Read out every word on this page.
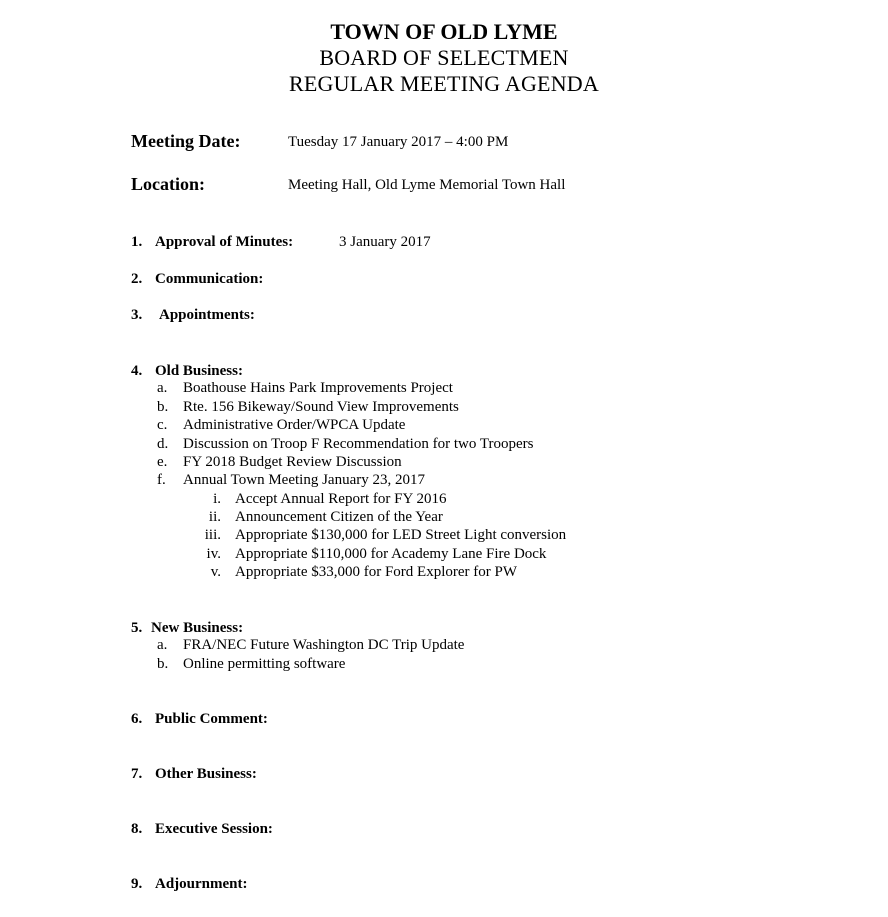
TOWN OF OLD LYME
BOARD OF SELECTMEN
REGULAR MEETING AGENDA
Meeting Date:	Tuesday 17 January 2017 – 4:00 PM
Location:	Meeting Hall, Old Lyme Memorial Town Hall
1. Approval of Minutes:	3 January 2017
2. Communication:
3. Appointments:
4. Old Business:
a. Boathouse Hains Park Improvements Project
b. Rte. 156 Bikeway/Sound View Improvements
c. Administrative Order/WPCA Update
d. Discussion on Troop F Recommendation for two Troopers
e. FY 2018 Budget Review Discussion
f. Annual Town Meeting January 23, 2017
i. Accept Annual Report for FY 2016
ii. Announcement Citizen of the Year
iii. Appropriate $130,000 for LED Street Light conversion
iv. Appropriate $110,000 for Academy Lane Fire Dock
v. Appropriate $33,000 for Ford Explorer for PW
5. New Business:
a. FRA/NEC Future Washington DC Trip Update
b. Online permitting software
6. Public Comment:
7. Other Business:
8. Executive Session:
9. Adjournment:
